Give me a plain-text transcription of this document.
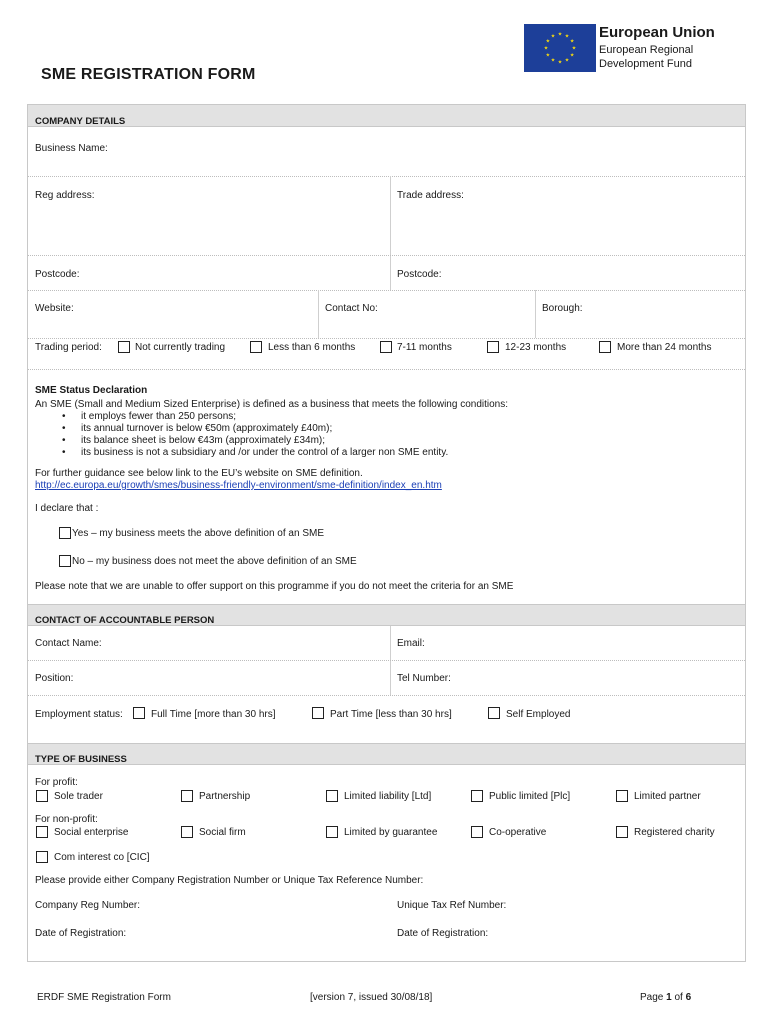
SME REGISTRATION FORM
★ ★
★
★
★
★
★
★
★
★
★
★	European Union
European Regional
Development Fund
COMPANY DETAILS
Business Name:
Reg address:	Trade address:
Postcode:	Postcode:
Website:	Contact No:	Borough:
Trading period:	Not currently trading	Less than 6 months	7-11 months	12-23 months	More than 24 months
SME Status Declaration
An SME (Small and Medium Sized Enterprise) is defined as a business that meets the following conditions:
• it employs fewer than 250 persons;
• its annual turnover is below €50m (approximately £40m);
• its balance sheet is below €43m (approximately £34m);
• its business is not a subsidiary and /or under the control of a larger non SME entity.
For further guidance see below link to the EU’s website on SME definition.
http://ec.europa.eu/growth/smes/business-friendly-environment/sme-definition/index_en.htm
I declare that :
Yes – my business meets the above definition of an SME
No – my business does not meet the above definition of an SME
Please note that we are unable to offer support on this programme if you do not meet the criteria for an SME
CONTACT OF ACCOUNTABLE PERSON
Contact Name:	Email:
Position:	Tel Number:
Employment status:	Full Time [more than 30 hrs]	Part Time [less than 30 hrs]	Self Employed
TYPE OF BUSINESS
For profit:
Sole trader	Partnership	Limited liability [Ltd]	Public limited [Plc]	Limited partner
For non-profit:
Social enterprise	Social firm	Limited by guarantee	Co-operative	Registered charity
Com interest co [CIC]
Please provide either Company Registration Number or Unique Tax Reference Number:
Company Reg Number:	Unique Tax Ref Number:
Date of Registration:	Date of Registration:
ERDF SME Registration Form	[version 7, issued 30/08/18]	Page 1 of 6
